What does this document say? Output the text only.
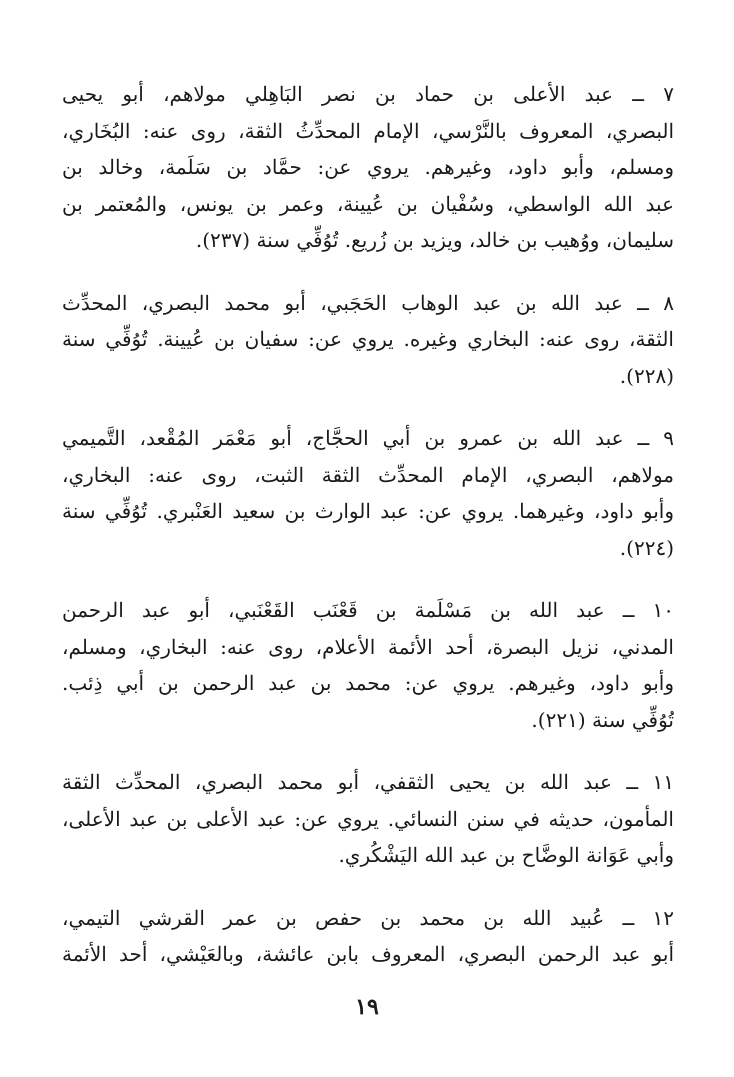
٧ ــ عبد الأعلى بن حماد بن نصر البَاهِلي مولاهم، أبو يحيى
البصري، المعروف بالنَّرْسي، الإمام المحدِّثُ الثقة، روى عنه: البُخَاري،
ومسلم، وأبو داود، وغيرهم. يروي عن: حمَّاد بن سَلَمة، وخالد بن
عبد الله الواسطي، وسُفْيان بن عُيينة، وعمر بن يونس، والمُعتمر بن
سليمان، ووُهيب بن خالد، ويزيد بن زُريع. تُوُفِّي سنة (٢٣٧).
٨ ــ عبد الله بن عبد الوهاب الحَجَبي، أبو محمد البصري، المحدِّث
الثقة، روى عنه: البخاري وغيره. يروي عن: سفيان بن عُيينة. تُوُفِّي سنة
(٢٢٨).
٩ ــ عبد الله بن عمرو بن أبي الحجَّاج، أبو مَعْمَر المُقْعد، التَّميمي
مولاهم، البصري، الإمام المحدِّث الثقة الثبت، روى عنه: البخاري،
وأبو داود، وغيرهما. يروي عن: عبد الوارث بن سعيد العَنْبري. تُوُفِّي سنة
(٢٢٤).
١٠ ــ عبد الله بن مَسْلَمة بن قَعْنَب القَعْنَبي، أبو عبد الرحمن
المدني، نزيل البصرة، أحد الأئمة الأعلام، روى عنه: البخاري، ومسلم،
وأبو داود، وغيرهم. يروي عن: محمد بن عبد الرحمن بن أبي ذِئب.
تُوُفِّي سنة (٢٢١).
١١ ــ عبد الله بن يحيى الثقفي، أبو محمد البصري، المحدِّث الثقة
المأمون، حديثه في سنن النسائي. يروي عن: عبد الأعلى بن عبد الأعلى،
وأبي عَوَانة الوضَّاح بن عبد الله اليَشْكُري.
١٢ ــ عُبيد الله بن محمد بن حفص بن عمر القرشي التيمي،
أبو عبد الرحمن البصري، المعروف بابن عائشة، وبالعَيْشي، أحد الأئمة
١٩
